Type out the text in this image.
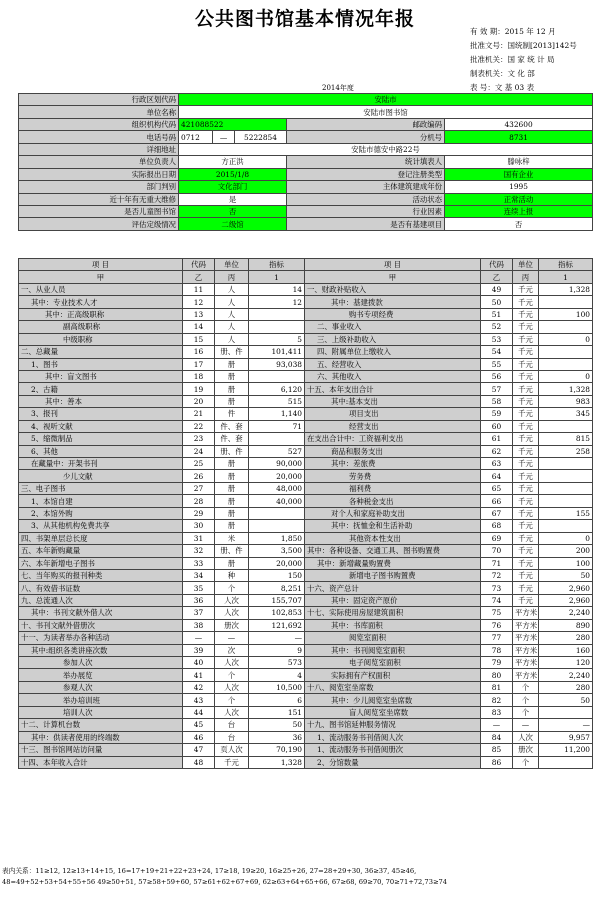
公共图书馆基本情况年报
2014年度
行政区划代码	安陆市				
单位名称	安陆市图书馆				
组织机构代码	421088522			邮政编码	432600
电话号码	0712	—	5222854	分机号	8731
详细地址	安陆市德安中路22号				
单位负责人	方正洪			统计填表人	滕咏梓
实际报出日期	2015/1/8			登记注册类型	国有企业
部门判别	文化部门			主体建筑建成年份	1995
近十年有无重大维修	是			活动状态	正常活动
是否儿童图书馆	否			行业因素	连续上报
评估定级情况	二级馆			是否有基建项目	否
项 目	代码	单位	指标	项 目	代码	单位	指标
甲	乙	丙	1	甲	乙	丙	1
一、从业人员	11	人	14	一、财政补贴收入	49	千元	1,328
其中：专业技术人才	12	人	12	其中：基建拨款	50	千元	
其中：正高级职称	13	人		购书专项经费	51	千元	100
副高级职称	14	人		二、事业收入	52	千元	
中级职称	15	人	5	三、上级补助收入	53	千元	0
二、总藏量	16	册、件	101,411	四、附属单位上缴收入	54	千元	
1、图书	17	册	93,038	五、经营收入	55	千元	
其中：盲文图书	18	册		六、其他收入	56	千元	0
2、古籍	19	册	6,120	十五、本年支出合计	57	千元	1,328
其中：善本	20	册	515	其中:基本支出	58	千元	983
3、报刊	21	件	1,140	项目支出	59	千元	345
4、视听文献	22	件、套	71	经营支出	60	千元	
5、缩微制品	23	件、套		在支出合计中：工资福利支出	61	千元	815
6、其他	24	册、件	527	商品和服务支出	62	千元	258
在藏量中：开架书刊	25	册	90,000	其中：差旅费	63	千元	
少儿文献	26	册	20,000	劳务费	64	千元	
三、电子图书	27	册	48,000	福利费	65	千元	
1、本馆自建	28	册	40,000	各种税金支出	66	千元	
2、本馆外购	29	册		对个人和家庭补助支出	67	千元	155
3、从其他机构免费共享	30	册		其中：抚恤金和生活补助	68	千元	
四、书架单层总长度	31	米	1,850	其他资本性支出	69	千元	0
五、本年新购藏量	32	册、件	3,500	其中：各种设备、交通工具、图书购置费	70	千元	200
六、本年新增电子图书	33	册	20,000	其中：新增藏量购置费	71	千元	100
七、当年购买的报刊种类	34	种	150	新增电子图书购置费	72	千元	50
八、有效借书证数	35	个	8,251	十六、资产总计	73	千元	2,960
九、总流通人次	36	人次	155,707	其中：固定资产原价	74	千元	2,960
其中：书刊文献外借人次	37	人次	102,853	十七、实际使用房屋建筑面积	75	平方米	2,240
十、书刊文献外借册次	38	册次	121,692	其中：书库面积	76	平方米	890
十一、为读者举办各种活动	—	—	—	阅览室面积	77	平方米	280
其中:组织各类讲座次数	39	次	9	其中：书刊阅览室面积	78	平方米	160
参加人次	40	人次	573	电子阅览室面积	79	平方米	120
举办展览	41	个	4	实际拥有产权面积	80	平方米	2,240
参观人次	42	人次	10,500	十八、阅览室坐席数	81	个	280
举办培训班	43	个	6	其中：少儿阅览室坐席数	82	个	50
培训人次	44	人次	151	盲人阅览室坐席数	83	个	
十二、计算机台数	45	台	50	十九、图书馆延伸服务情况	—	—	—
其中：供读者使用的终端数	46	台	36	1、流动服务书刊借阅人次	84	人次	9,957
十三、图书馆网站访问量	47	页人次	70,190	1、流动服务书刊借阅册次	85	册次	11,200
十四、本年收入合计	48	千元	1,328	2、分馆数量	86	个	
表内关系：11≥12, 12≥13+14+15, 16=17+19+21+22+23+24, 17≥18, 19≥20, 16≥25+26, 27=28+29+30, 36≥37, 45≥46,
48=49+52+53+54+55+56 49≥50+51, 57≥58+59+60, 57≥61+62+67+69, 62≥63+64+65+66, 67≥68, 69≥70, 70≥71+72,73≥74
有 效 期：2015 年 12 月
批准文号：国统制[2013]142号
批准机关：国 家 统 计 局
制表机关：文 化 部
表 号：文 基 03 表
